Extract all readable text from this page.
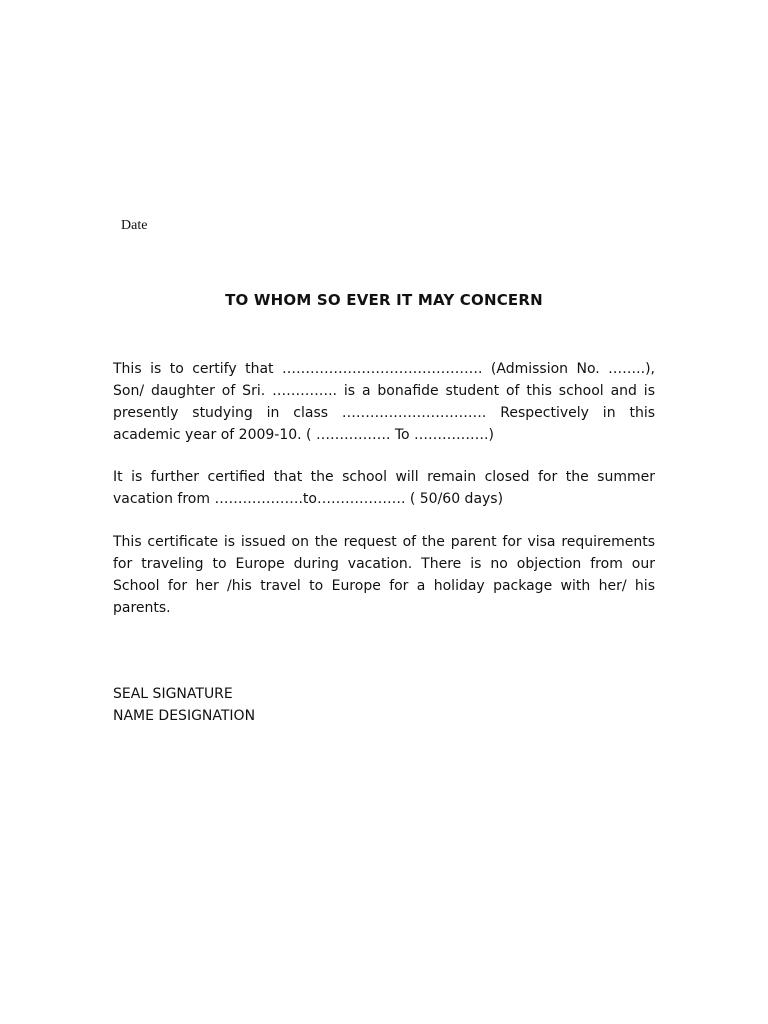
Date
TO WHOM SO EVER IT MAY CONCERN
This is to certify that ……………………………………. (Admission No. ……..), Son/ daughter of Sri. ………….. is a bonafide student of this school and is presently studying in class …………………………. Respectively in this academic year of 2009-10. ( ……………. To …………….)
It is further certified that the school will remain closed for the summer vacation from ……………….to………………. ( 50/60 days)
This certificate is issued on the request of the parent for visa requirements for traveling to Europe during vacation. There is no objection from our School for her /his travel to Europe for a holiday package with her/ his parents.
SEAL SIGNATURE
NAME DESIGNATION
